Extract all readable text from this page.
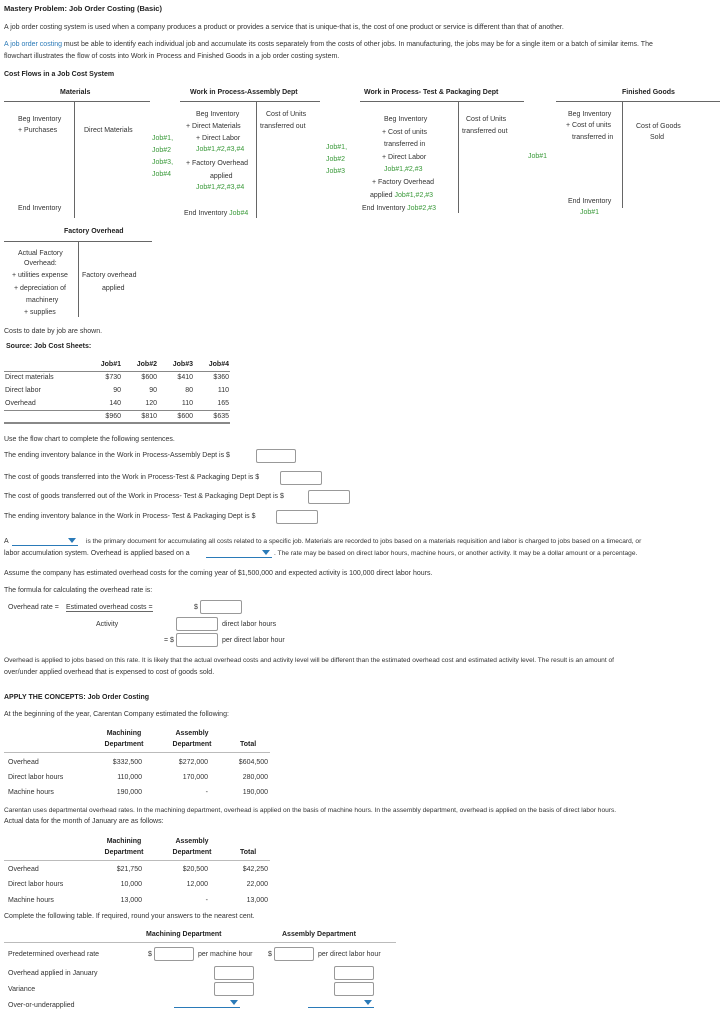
Mastery Problem: Job Order Costing (Basic)
A job order costing system is used when a company produces a product or provides a service that is unique-that is, the cost of one product or service is different than that of another.
A job order costing must be able to identify each individual job and accumulate its costs separately from the costs of other jobs. In manufacturing, the jobs may be for a single item or a batch of similar items. The
flowchart illustrates the flow of costs into Work in Process and Finished Goods in a job order costing system.
Cost Flows in a Job Cost System
Materials
Beg Inventory
+ Purchases	Direct Materials
End Inventory
Job#1,
Job#2
Job#3,
Job#4
Work in Process-Assembly Dept
Beg Inventory
+ Direct Materials
+ Direct Labor
Job#1,#2,#3,#4
+ Factory Overhead
applied
Job#1,#2,#3,#4
Cost of Units
transferred out
End Inventory Job#4
Job#1,
Job#2
Job#3
Work in Process- Test & Packaging Dept
Beg Inventory
+ Cost of units
transferred in
+ Direct Labor
Job#1,#2,#3
+ Factory Overhead
applied Job#1,#2,#3
Cost of Units
transferred out
End Inventory Job#2,#3
Job#1
Finished Goods
Beg Inventory
+ Cost of units
transferred in
Cost of Goods
Sold
End Inventory
Job#1
Factory Overhead
Actual Factory
Overhead:
+ utilities expense
+ depreciation of
machinery
+ supplies
Factory overhead
applied
Costs to date by job are shown.
Source: Job Cost Sheets:
	Job#1	Job#2	Job#3	Job#4
Direct materials	$730	$600	$410	$360
Direct labor	90	90	80	110
Overhead	140	120	110	165
	$960	$810	$600	$635
Use the flow chart to complete the following sentences.
The ending inventory balance in the Work in Process-Assembly Dept is $
The cost of goods transferred into the Work in Process-Test & Packaging Dept is $
The cost of goods transferred out of the Work in Process- Test & Packaging Dept Dept is $
The ending inventory balance in the Work in Process- Test & Packaging Dept is $
A	is the primary document for accumulating all costs related to a specific job. Materials are recorded to jobs based on a materials requisition and labor is charged to jobs based on a timecard, or
labor accumulation system. Overhead is applied based on a	. The rate may be based on direct labor hours, machine hours, or another activity. It may be a dollar amount or a percentage.
Assume the company has estimated overhead costs for the coming year of $1,500,000 and expected activity is 100,000 direct labor hours.
The formula for calculating the overhead rate is:
Overhead rate = Estimated overhead costs =	$
Activity	direct labor hours
= $	per direct labor hour
Overhead is applied to jobs based on this rate. It is likely that the actual overhead costs and activity level will be different than the estimated overhead cost and estimated activity level. The result is an amount of
over/under applied overhead that is expensed to cost of goods sold.
APPLY THE CONCEPTS: Job Order Costing
At the beginning of the year, Carentan Company estimated the following:
Machining
Department
Assembly
Department	Total
Overhead	$332,500	$272,000	$604,500
Direct labor hours	110,000	170,000	280,000
Machine hours	190,000	-	190,000
Carentan uses departmental overhead rates. In the machining department, overhead is applied on the basis of machine hours. In the assembly department, overhead is applied on the basis of direct labor hours.
Actual data for the month of January are as follows:
Machining
Department
Assembly
Department	Total
Overhead	$21,750	$20,500	$42,250
Direct labor hours	10,000	12,000	22,000
Machine hours	13,000	-	13,000
Complete the following table. If required, round your answers to the nearest cent.
Machining Department	Assembly Department
Predetermined overhead rate	$	per machine hour $	per direct labor hour
Overhead applied in January
Variance
Over-or-underapplied
